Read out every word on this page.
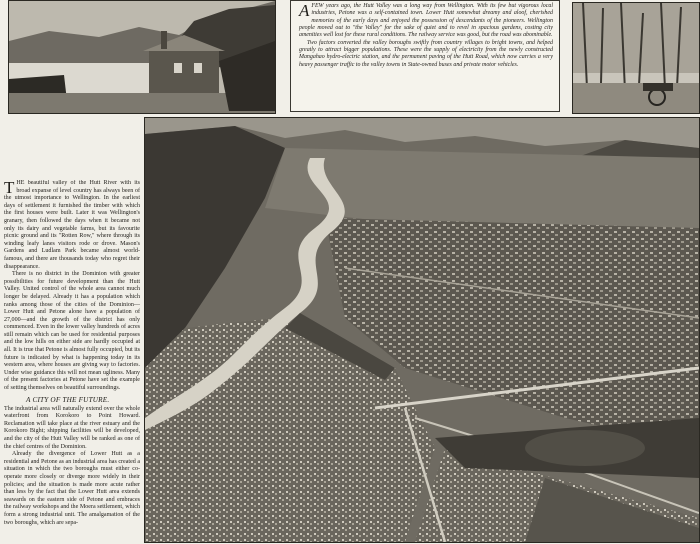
AFEW years ago, the Hutt Valley was a long way from Wellington. With its few but vigorous local industries, Petone was a self-contained town. Lower Hutt somewhat dreamy and aloof, cherished memories of the early days and enjoyed the possession of descendants of the pioneers. Wellington people moved out to "the Valley" for the sake of quiet and to revel in spacious gardens, costing city amenities well lost for these rural conditions. The railway service was good, but the road was abominable.

Two factors converted the valley boroughs swiftly from country villages to bright towns, and helped greatly to attract bigger populations. These were the supply of electricity from the newly constructed Mangahao hydro-electric station, and the permanent paving of the Hutt Road, which now carries a very heavy passenger traffic to the valley towns in State-owned buses and private motor vehicles.

THE beautiful valley of the Hutt River with its broad expanse of level country has always been of the utmost importance to Wellington. In the earliest days of settlement it furnished the timber with which the first houses were built. Later it was Wellington's granary, then followed the days when it became not only its dairy and vegetable farms, but its favourite picnic ground and its "Rotten Row," where through its winding leafy lanes visitors rode or drove. Mason's Gardens and Ludlam Park became almost world-famous, and there are thousands today who regret their disappearance.

There is no district in the Dominion with greater possibilities for future development than the Hutt Valley. United control of the whole area cannot much longer be delayed. Already it has a population which ranks among those of the cities of the Dominion—Lower Hutt and Petone alone have a population of 27,000—and the growth of the district has only commenced. Even in the lower valley hundreds of acres still remain which can be used for residential purposes and the low hills on either side are hardly occupied at all. It is true that Petone is almost fully occupied, but its future is indicated by what is happening today in its western area, where houses are giving way to factories. Under wise guidance this will not mean ugliness. Many of the present factories at Petone have set the example of setting themselves on beautiful surroundings.

A CITY OF THE FUTURE.

The industrial area will naturally extend over the whole waterfront from Korokoro to Point Howard. Reclamation will take place at the river estuary and the Korokoro Bight; shipping facilities will be developed, and the city of the Hutt Valley will be ranked as one of the chief centres of the Dominion.

Already the divergence of Lower Hutt as a residential and Petone as an industrial area has created a situation in which the two boroughs must either co-operate more closely or diverge more widely in their policies; and the situation is made more acute rather than less by the fact that the Lower Hutt area extends seawards on the eastern side of Petone and embraces the railway workshops and the Moera settlement, which form a strong industrial unit. The amalgamation of the two boroughs, which are sepa-
